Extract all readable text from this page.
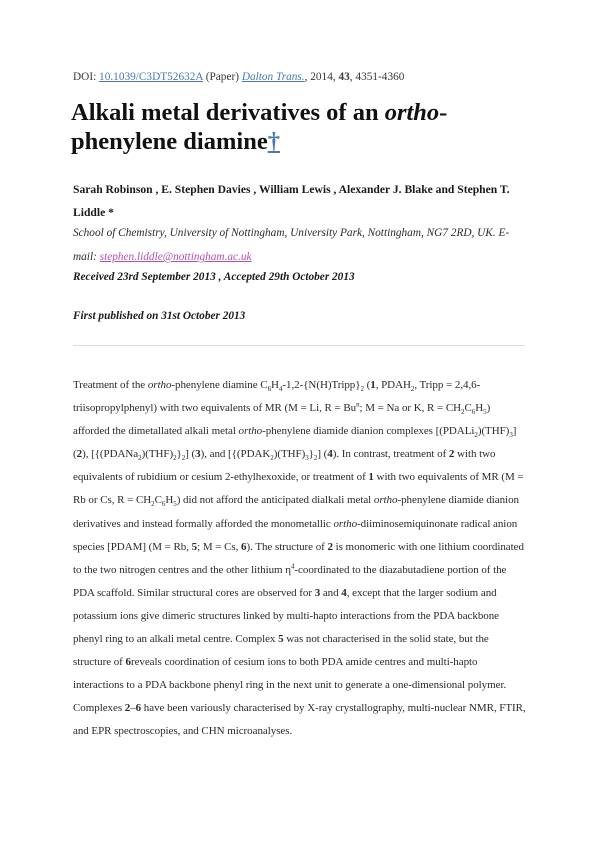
DOI: 10.1039/C3DT52632A (Paper) Dalton Trans., 2014, 43, 4351-4360
Alkali metal derivatives of an ortho-phenylene diamine†
Sarah Robinson , E. Stephen Davies , William Lewis , Alexander J. Blake and Stephen T. Liddle *
School of Chemistry, University of Nottingham, University Park, Nottingham, NG7 2RD, UK. E-mail: stephen.liddle@nottingham.ac.uk
Received 23rd September 2013 , Accepted 29th October 2013
First published on 31st October 2013

Treatment of the ortho-phenylene diamine $C_6H_4-1,2-\{N(H)Tripp\}_2$ (1, $PDAH_2$, Tripp = 2,4,6-triisopropylphenyl) with two equivalents of MR (M = Li, $R = Bu^n$; M = Na or K, $R = CH_2C_6H_5$) afforded the dimetallated alkali metal ortho-phenylene diamide dianion complexes $[(PDALi_2)(THF)_3]$ (2), $[\{(PDANa_2)(THF)_2\}_2]$ (3), and $[\{(PDAK_2)(THF)_3\}_2]$ (4). In contrast, treatment of 2 with two equivalents of rubidium or cesium 2-ethylhexoxide, or treatment of 1 with two equivalents of MR (M = Rb or Cs, $R = CH_2C_6H_5$) did not afford the anticipated dialkali metal ortho-phenylene diamide dianion derivatives and instead formally afforded the monometallic ortho-diiminosemiquinonate radical anion species [PDAM] (M = Rb, 5; M = Cs, 6). The structure of 2 is monomeric with one lithium coordinated to the two nitrogen centres and the other lithium $\eta^4$-coordinated to the diazabutadiene portion of the PDA scaffold. Similar structural cores are observed for 3 and 4, except that the larger sodium and potassium ions give dimeric structures linked by multi-hapto interactions from the PDA backbone phenyl ring to an alkali metal centre. Complex 5 was not characterised in the solid state, but the structure of 6reveals coordination of cesium ions to both PDA amide centres and multi-hapto interactions to a PDA backbone phenyl ring in the next unit to generate a one-dimensional polymer. Complexes 2–6 have been variously characterised by X-ray crystallography, multi-nuclear NMR, FTIR, and EPR spectroscopies, and CHN microanalyses.
